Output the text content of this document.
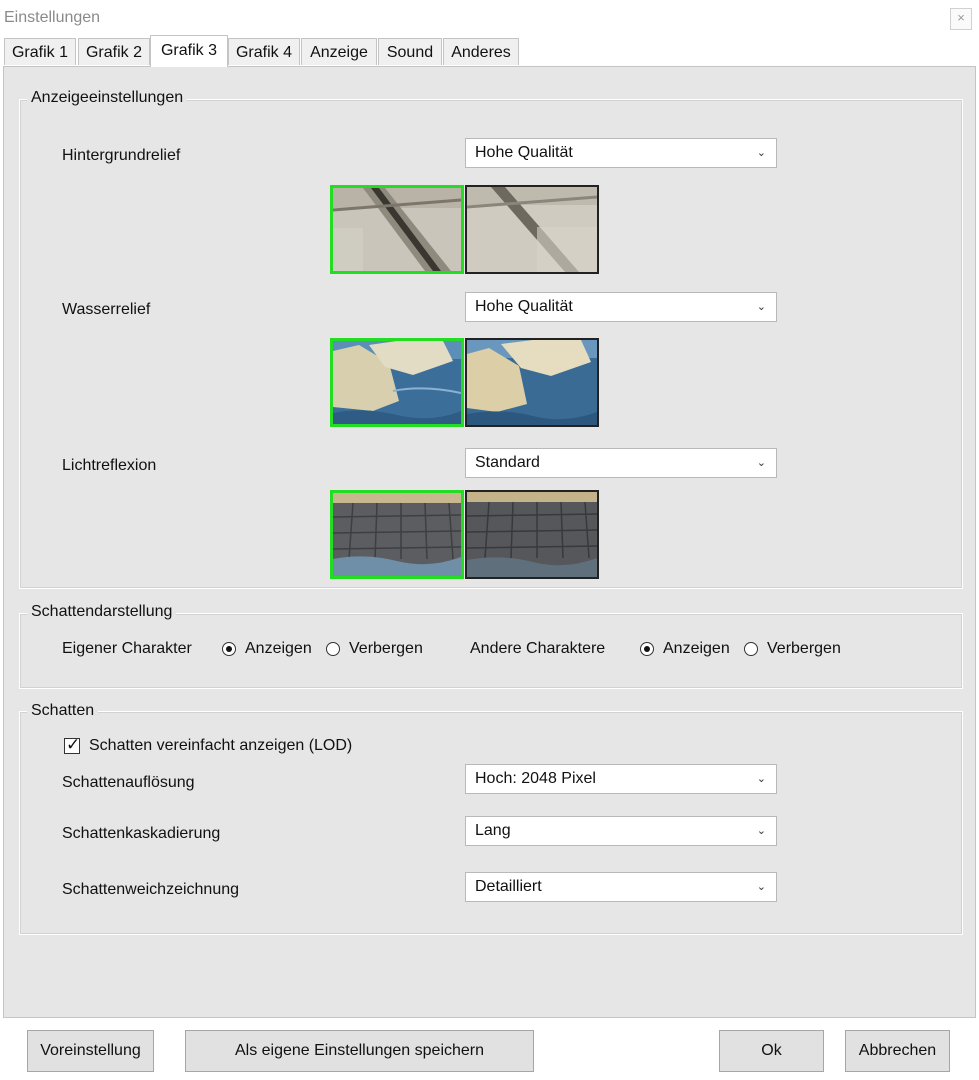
Einstellungen	×
Grafik 1	Grafik 2	Grafik 3	Grafik 4	Anzeige	Sound	Anderes
Anzeigeeinstellungen
Hintergrundrelief	Hohe Qualität	⌄
Wasserrelief	Hohe Qualität	⌄
Lichtreflexion	Standard	⌄
Schattendarstellung
Eigener Charakter	Anzeigen Verbergen	Andere Charaktere	Anzeigen Verbergen
Schatten
✓ Schatten vereinfacht anzeigen (LOD)
Schattenauflösung	Hoch: 2048 Pixel	⌄
Schattenkaskadierung	Lang	⌄
Schattenweichzeichnung	Detailliert	⌄
Voreinstellung	Als eigene Einstellungen speichern	Ok	Abbrechen
